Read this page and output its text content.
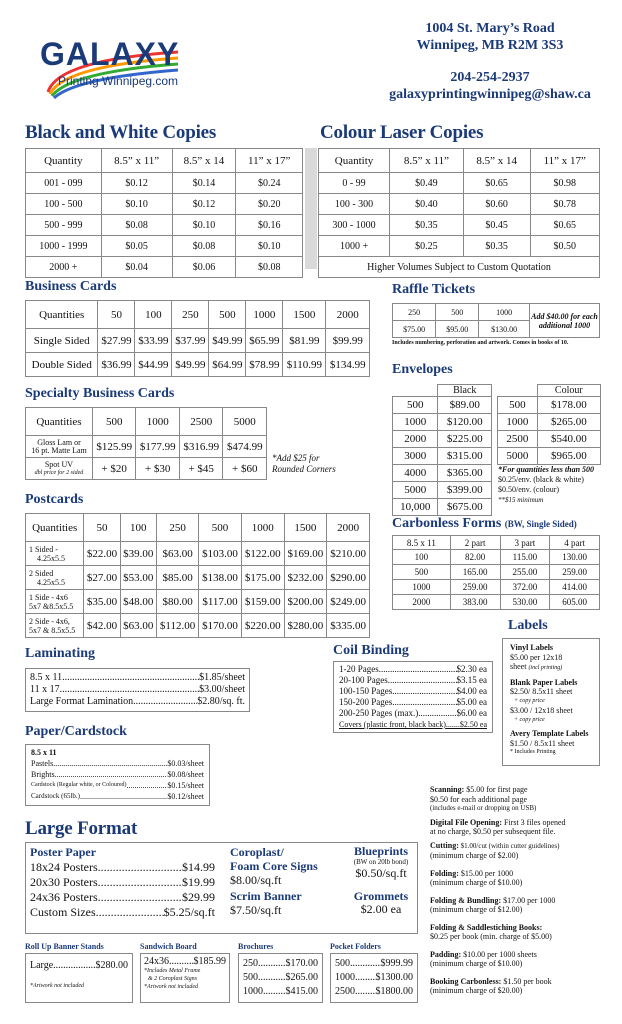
GALAXY
Printing Winnipeg.com
1004 St. Mary’s Road
Winnipeg, MB R2M 3S3
204-254-2937
galaxyprintingwinnipeg@shaw.ca
Black and White Copies
Quantity	8.5” x 11”	8.5” x 14	11” x 17”
001 - 099	$0.12	$0.14	$0.24
100 - 500	$0.10	$0.12	$0.20
500 - 999	$0.08	$0.10	$0.16
1000 - 1999	$0.05	$0.08	$0.10
2000 +	$0.04	$0.06	$0.08
Colour Laser Copies
Quantity	8.5” x 11”	8.5” x 14	11” x 17”
0 - 99	$0.49	$0.65	$0.98
100 - 300	$0.40	$0.60	$0.78
300 - 1000	$0.35	$0.45	$0.65
1000 +	$0.25	$0.35	$0.50
Higher Volumes Subject to Custom Quotation			
Business Cards
Quantities	50	100	250	500	1000	1500	2000
Single Sided	$27.99	$33.99	$37.99	$49.99	$65.99	$81.99	$99.99
Double Sided	$36.99	$44.99	$49.99	$64.99	$78.99	$110.99	$134.99
Raffle Tickets
250	500	1000	Add $40.00 for each additional 1000
$75.00	$95.00	$130.00	
Includes numbering, perforation and artwork. Comes in books of 10.
Specialty Business Cards
Quantities	500	1000	2500	5000

Gloss Lam or
16 pt. Matte Lam	$125.99	$177.99	$316.99	$474.99

Spot UV
dbl price for 2 sided	+ $20	+ $30	+ $45	+ $60
*Add $25 for
Rounded Corners
Envelopes
	Black
500	$89.00
1000	$120.00
2000	$225.00
3000	$315.00
4000	$365.00
5000	$399.00
10,000	$675.00
	Colour
500	$178.00
1000	$265.00
2500	$540.00
5000	$965.00
*For quantities less than 500
$0.25/env. (black & white)
$0.50/env. (colour)
**$15 minimum
Postcards
Quantities	50	100	250	500	1000	1500	2000

1 Sided -
4.25x5.5	$22.00	$39.00	$63.00	$103.00	$122.00	$169.00	$210.00

2 Sided
4.25x5.5	$27.00	$53.00	$85.00	$138.00	$175.00	$232.00	$290.00

1 Side - 4x6
5x7 &8.5x5.5	$35.00	$48.00	$80.00	$117.00	$159.00	$200.00	$249.00

2 Side - 4x6,
5x7 & 8.5x5.5	$42.00	$63.00	$112.00	$170.00	$220.00	$280.00	$335.00
Carbonless Forms (BW, Single Sided)
8.5 x 11	2 part	3 part	4 part
100	82.00	115.00	130.00
500	165.00	255.00	259.00
1000	259.00	372.00	414.00
2000	383.00	530.00	605.00
Laminating
8.5 x 11 .....	$1.85/sheet
11 x 17 .....	$3.00/sheet
Large Format Lamination .....	$2.80/sq. ft.
Coil Binding
1-20 Pages .....	$2.30 ea
20-100 Pages .....	$3.15 ea
100-150 Pages .....	$4.00 ea
150-200 Pages .....	$5.00 ea
200-250 Pages (max.) .....	$6.00 ea
Covers (plastic front, black back) ..... $2.50 ea
Labels
Vinyl Labels
$5.00 per 12x18
sheet (incl printing)
Blank Paper Labels
$2.50/ 8.5x11 sheet
+ copy price
$3.00 / 12x18 sheet
+ copy price
Avery Template Labels
$1.50 / 8.5x11 sheet
* Includes Printing
Paper/Cardstock
8.5 x 11
Pastels .....	$0.03/sheet
Brights .....	$0.08/sheet
Cardstock (Regular white, or Coloured) .....	$0.15/sheet
Cardstock (65lb.) .....	$0.12/sheet
Scanning: $5.00 for first page
$0.50 for each additional page
(includes e-mail or dropping on USB)
Digital File Opening: First 3 files opened
at no charge, $0.50 per subsequent file.
Cutting: $1.00/cut (within cutter guidelines)
(minimum charge of $2.00)
Folding: $15.00 per 1000
(minimum charge of $10.00)
Folding & Bundling: $17.00 per 1000
(minimum charge of $12.00)
Folding & Saddlestiching Books:
$0.25 per book (min. charge of $5.00)
Padding: $10.00 per 1000 sheets
(minimum charge of $10.00)
Booking Carbonless: $1.50 per book
(minimum charge of $20.00)
Large Format
Poster Paper
18x24 Posters .....	$14.99
20x30 Posters .....	$19.99
24x36 Posters .....	$29.99
Custom Sizes .....	$5.25/sq.ft
Coroplast/
Foam Core Signs
$8.00/sq.ft
Scrim Banner
$7.50/sq.ft
Blueprints
(BW on 20lb bond)
$0.50/sq.ft
Grommets
$2.00 ea
Roll Up Banner Stands
Large .....	$280.00
*Artwork not included
Sandwich Board
24x36 ..... $185.99
*Includes Metal Frame
& 2 Coroplast Signs
*Artwork not included
Brochures
250 .....	$170.00
500 .....	$265.00
1000 ..... $415.00
Pocket Folders
500 .....	$999.99
1000 ..... $1300.00
2500 ..... $1800.00
